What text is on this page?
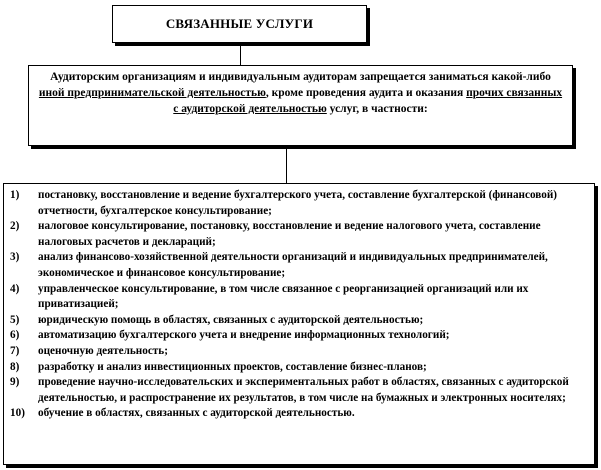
СВЯЗАННЫЕ УСЛУГИ
Аудиторским организациям и индивидуальным аудиторам запрещается заниматься какой-либо иной предпринимательской деятельностью, кроме проведения аудита и оказания прочих связанных с аудиторской деятельностью услуг, в частности:
1)	постановку, восстановление и ведение бухгалтерского учета, составление бухгалтерской (финансовой) отчетности, бухгалтерское консультирование;
2)	налоговое консультирование, постановку, восстановление и ведение налогового учета, составление налоговых расчетов и деклараций;
3)	анализ финансово-хозяйственной деятельности организаций и индивидуальных предпринимателей, экономическое и финансовое консультирование;
4)	управленческое консультирование, в том числе связанное с реорганизацией организаций или их приватизацией;
5)	юридическую помощь в областях, связанных с аудиторской деятельностью;
6)	автоматизацию бухгалтерского учета и внедрение информационных технологий;
7)	оценочную деятельность;
8)	разработку и анализ инвестиционных проектов, составление бизнес-планов;
9)	проведение научно-исследовательских и экспериментальных работ в областях, связанных с аудиторской деятельностью, и распространение их результатов, в том числе на бумажных и электронных носителях;
10)	обучение в областях, связанных с аудиторской деятельностью.
